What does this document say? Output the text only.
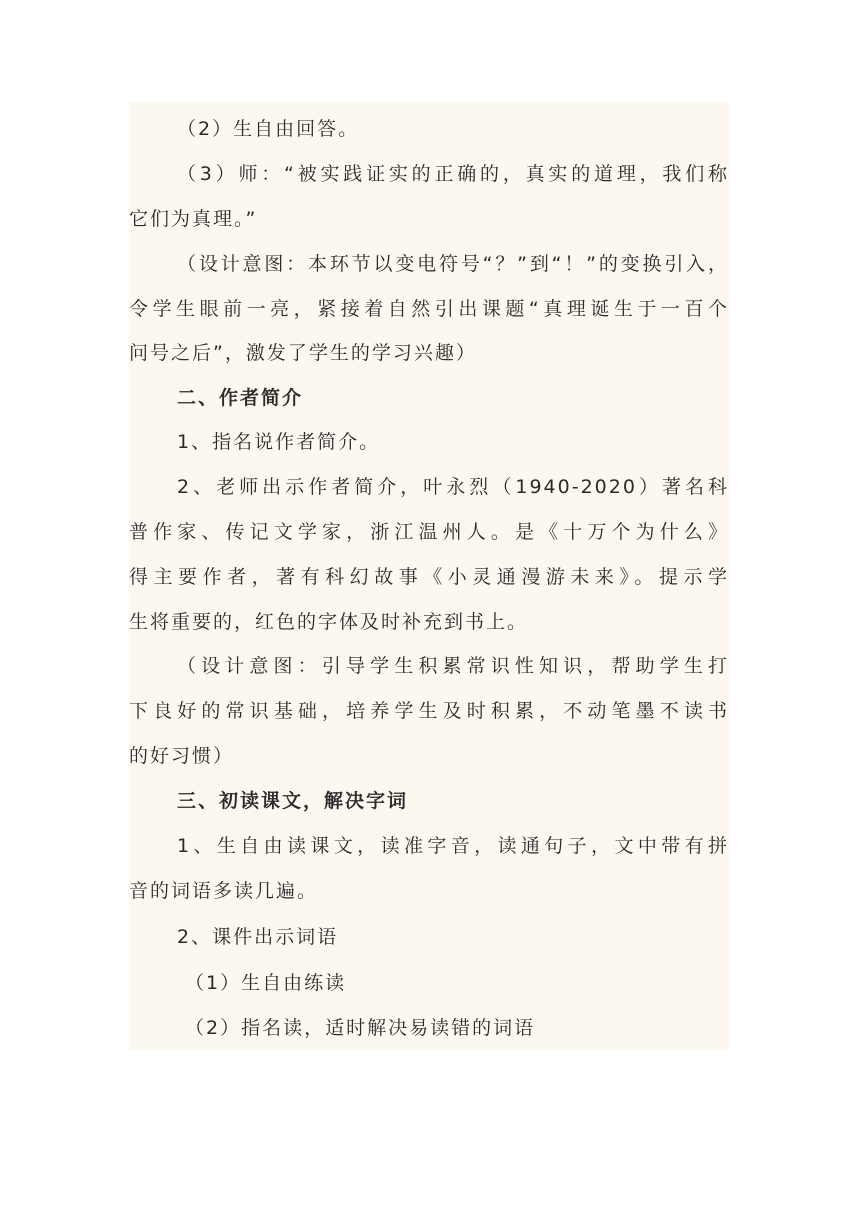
（2）生自由回答。
（3）师：“被实践证实的正确的，真实的道理，我们称
它们为真理。”
（设计意图：本环节以变电符号“？”到“！”的变换引入，
令学生眼前一亮，紧接着自然引出课题“真理诞生于一百个
问号之后”，激发了学生的学习兴趣）
二、作者简介
1、指名说作者简介。
2、老师出示作者简介，叶永烈（1940-2020）著名科
普作家、传记文学家，浙江温州人。是《十万个为什么》
得主要作者，著有科幻故事《小灵通漫游未来》。提示学
生将重要的，红色的字体及时补充到书上。
（设计意图：引导学生积累常识性知识，帮助学生打
下良好的常识基础，培养学生及时积累，不动笔墨不读书
的好习惯）
三、初读课文，解决字词
1、生自由读课文，读准字音，读通句子，文中带有拼
音的词语多读几遍。
2、课件出示词语
（1）生自由练读
（2）指名读，适时解决易读错的词语
